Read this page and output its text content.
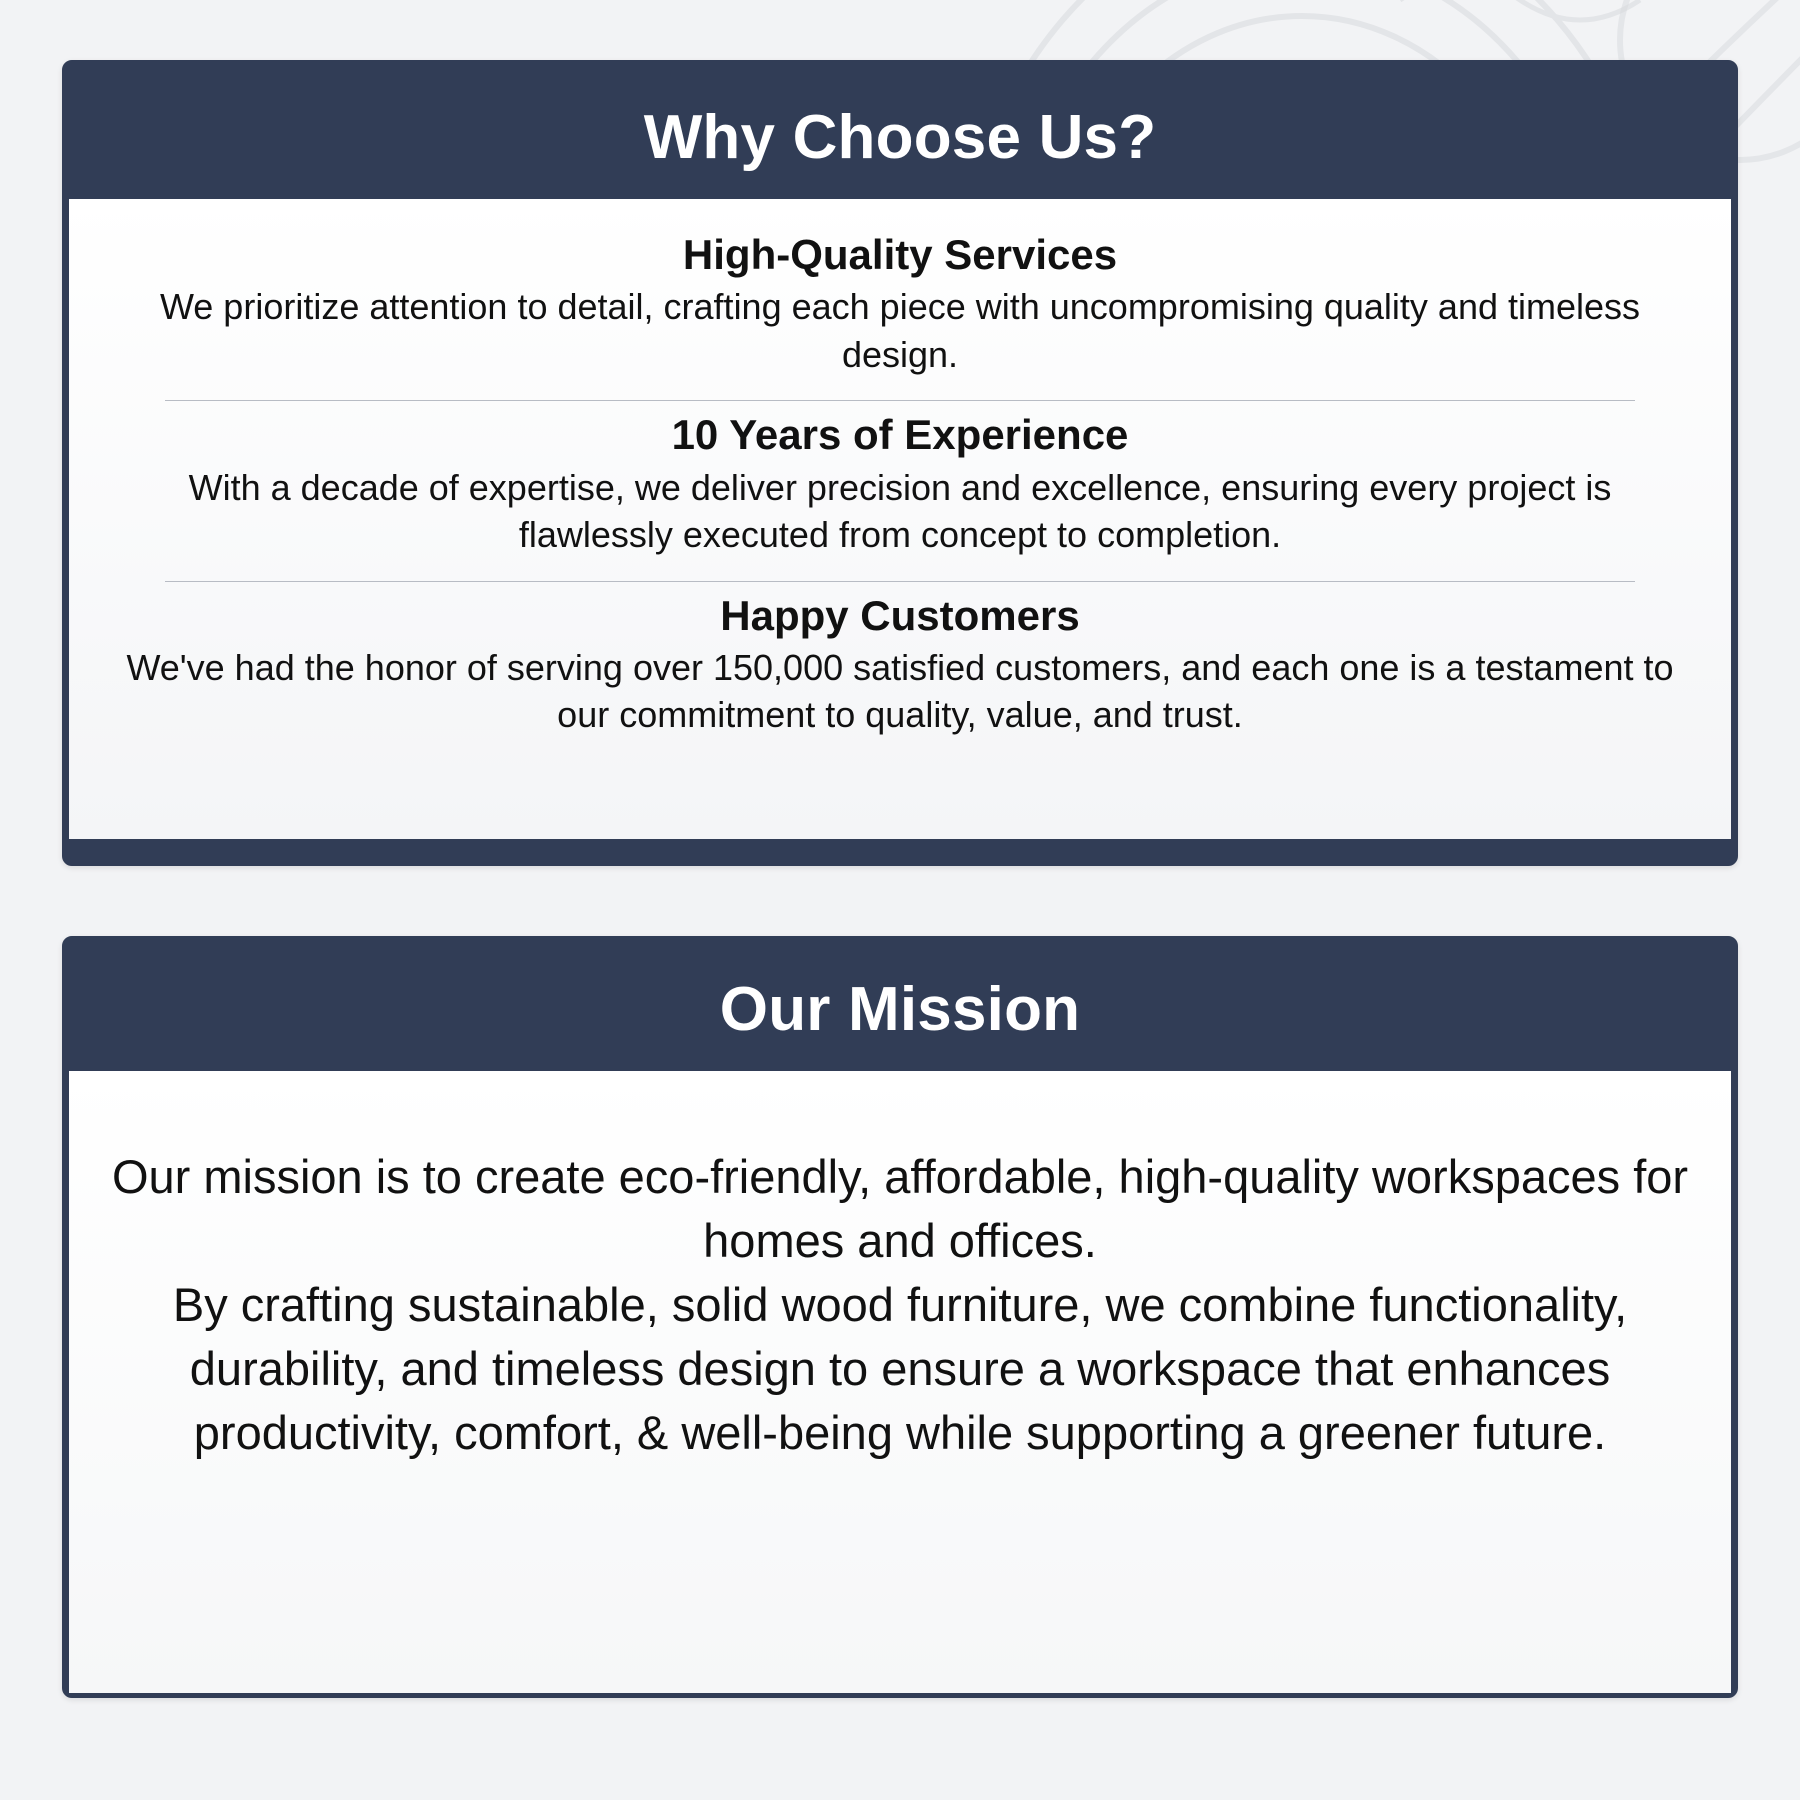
Why Choose Us?
High-Quality Services
We prioritize attention to detail, crafting each piece with uncompromising quality and timeless design.
10 Years of Experience
With a decade of expertise, we deliver precision and excellence, ensuring every project is flawlessly executed from concept to completion.
Happy Customers
We've had the honor of serving over 150,000 satisfied customers, and each one is a testament to our commitment to quality, value, and trust.
Our Mission

Our mission is to create eco-friendly, affordable, high-quality workspaces for homes and offices.

By crafting sustainable, solid wood furniture, we combine functionality, durability, and timeless design to ensure a workspace that enhances productivity, comfort, & well-being while supporting a greener future.
